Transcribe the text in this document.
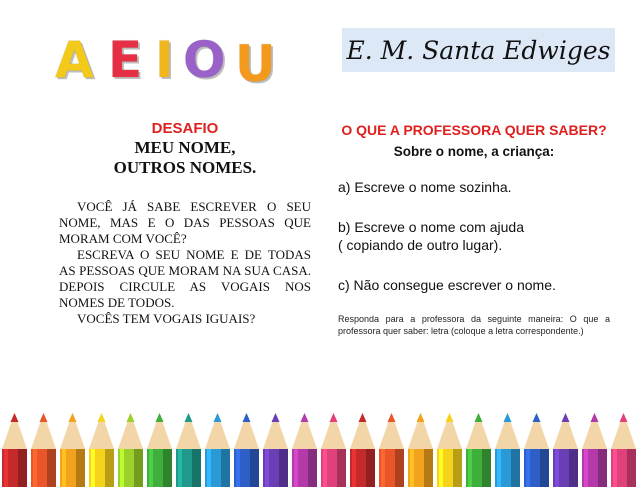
A E I O U	E. M. Santa Edwiges

DESAFIO

MEU NOME,

OUTROS NOMES.

VOCÊ JÁ SABE ESCREVER O SEU NOME, MAS E O DAS PESSOAS QUE MORAM COM VOCÊ?

ESCREVA O SEU NOME E DE TODAS AS PESSOAS QUE MORAM NA SUA CASA. DEPOIS CIRCULE AS VOGAIS NOS NOMES DE TODOS.

VOCÊS TEM VOGAIS IGUAIS?

O QUE A PROFESSORA QUER SABER?

Sobre o nome, a criança:

a) Escreve o nome sozinha.

b) Escreve o nome com ajuda

( copiando de outro lugar).

c) Não consegue escrever o nome.

Responda para a professora da seguinte maneira: O que a professora quer saber: letra (coloque a letra correspondente.)
